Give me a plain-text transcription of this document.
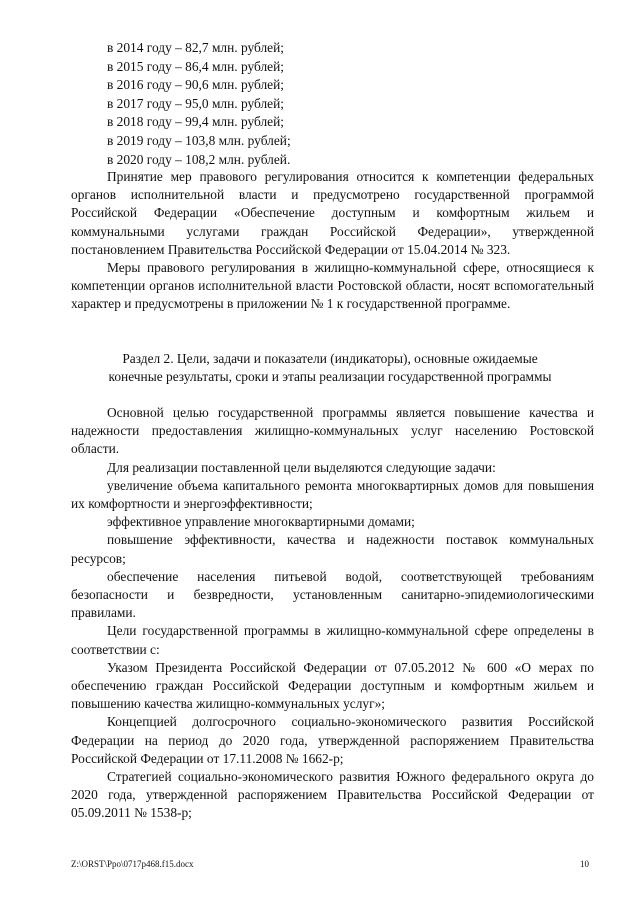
в 2014 году – 82,7 млн. рублей;
в 2015 году – 86,4 млн. рублей;
в 2016 году – 90,6 млн. рублей;
в 2017 году – 95,0 млн. рублей;
в 2018 году – 99,4 млн. рублей;
в 2019 году – 103,8 млн. рублей;
в 2020 году – 108,2 млн. рублей.

Принятие мер правового регулирования относится к компетенции федеральных органов исполнительной власти и предусмотрено государственной программой Российской Федерации «Обеспечение доступным и комфортным жильем и коммунальными услугами граждан Российской Федерации», утвержденной постановлением Правительства Российской Федерации от 15.04.2014 № 323.

Меры правового регулирования в жилищно-коммунальной сфере, относящиеся к компетенции органов исполнительной власти Ростовской области, носят вспомогательный характер и предусмотрены в приложении № 1 к государственной программе.

Раздел 2. Цели, задачи и показатели (индикаторы), основные ожидаемые
конечные результаты, сроки и этапы реализации государственной программы

Основной целью государственной программы является повышение качества и надежности предоставления жилищно-коммунальных услуг населению Ростовской области.

Для реализации поставленной цели выделяются следующие задачи:

увеличение объема капитального ремонта многоквартирных домов для повышения их комфортности и энергоэффективности;

эффективное управление многоквартирными домами;

повышение эффективности, качества и надежности поставок коммунальных ресурсов;

обеспечение населения питьевой водой, соответствующей требованиям безопасности и безвредности, установленным санитарно-эпидемиологическими правилами.

Цели государственной программы в жилищно-коммунальной сфере определены в соответствии с:

Указом Президента Российской Федерации от 07.05.2012 № 600 «О мерах по обеспечению граждан Российской Федерации доступным и комфортным жильем и повышению качества жилищно-коммунальных услуг»;

Концепцией долгосрочного социально-экономического развития Российской Федерации на период до 2020 года, утвержденной распоряжением Правительства Российской Федерации от 17.11.2008 № 1662-р;

Стратегией социально-экономического развития Южного федерального округа до 2020 года, утвержденной распоряжением Правительства Российской Федерации от 05.09.2011 № 1538-р;

Z:\ORST\Ppo\0717p468.f15.docx	10
